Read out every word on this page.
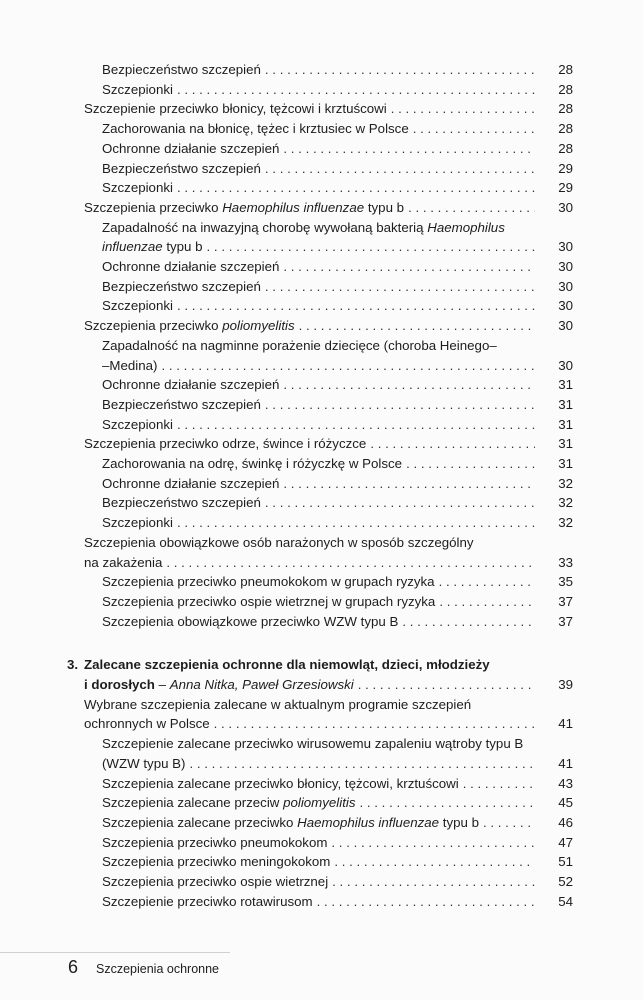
Bezpieczeństwo szczepień . . .	28
Szczepionki . . .	28
Szczepienie przeciwko błonicy, tężcowi i krztuścowi . . .	28
Zachorowania na błonicę, tężec i krztusiec w Polsce . . .	28
Ochronne działanie szczepień . . .	28
Bezpieczeństwo szczepień . . .	29
Szczepionki . . .	29
Szczepienia przeciwko Haemophilus influenzae typu b . . .	30
Zapadalność na inwazyjną chorobę wywołaną bakterią Haemophilus
influenzae typu b . . .	30
Ochronne działanie szczepień . . .	30
Bezpieczeństwo szczepień . . .	30
Szczepionki . . .	30
Szczepienia przeciwko poliomyelitis . . .	30
Zapadalność na nagminne porażenie dziecięce (choroba Heinego–
–Medina) . . .	30
Ochronne działanie szczepień . . .	31
Bezpieczeństwo szczepień . . .	31
Szczepionki . . .	31
Szczepienia przeciwko odrze, śwince i różyczce . . .	31
Zachorowania na odrę, świnkę i różyczkę w Polsce . . .	31
Ochronne działanie szczepień . . .	32
Bezpieczeństwo szczepień . . .	32
Szczepionki . . .	32
Szczepienia obowiązkowe osób narażonych w sposób szczególny
na zakażenia . . .	33
Szczepienia przeciwko pneumokokom w grupach ryzyka . . .	35
Szczepienia przeciwko ospie wietrznej w grupach ryzyka . . .	37
Szczepienia obowiązkowe przeciwko WZW typu B . . .	37
3. Zalecane szczepienia ochronne dla niemowląt, dzieci, młodzieży
i dorosłych – Anna Nitka, Paweł Grzesiowski . . .	39
Wybrane szczepienia zalecane w aktualnym programie szczepień
ochronnych w Polsce . . .	41
Szczepienie zalecane przeciwko wirusowemu zapaleniu wątroby typu B
(WZW typu B) . . .	41
Szczepienia zalecane przeciwko błonicy, tężcowi, krztuścowi . . .	43
Szczepienia zalecane przeciw poliomyelitis . . .	45
Szczepienia zalecane przeciwko Haemophilus influenzae typu b . . .	46
Szczepienia przeciwko pneumokokom . . .	47
Szczepienia przeciwko meningokokom . . .	51
Szczepienia przeciwko ospie wietrznej . . .	52
Szczepienie przeciwko rotawirusom . . .	54
6 Szczepienia ochronne
